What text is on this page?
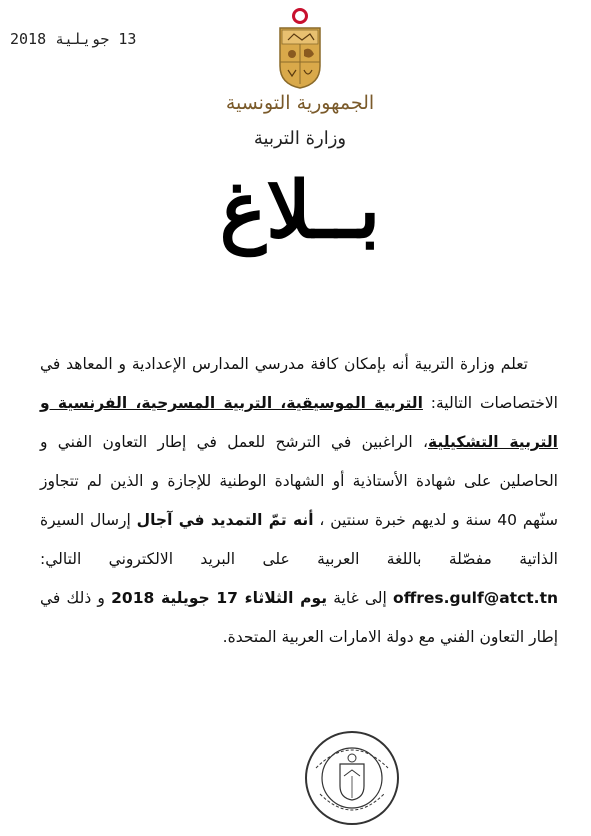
13 جويلية 2018
الجمهورية التونسية
وزارة التربية
بــلاغ

تعلم وزارة التربية أنه بإمكان كافة مدرسي المدارس الإعدادية و المعاهد في الاختصاصات التالية: التربية الموسيقية، التربية المسرحية، الفرنسية و التربية التشكيلية، الراغبين في الترشح للعمل في إطار التعاون الفني و الحاصلين على شهادة الأستاذية أو الشهادة الوطنية للإجازة و الذين لم تتجاوز سنّهم 40 سنة و لديهم خبرة سنتين ، أنه تمّ التمديد في آجال إرسال السيرة الذاتية مفصّلة باللغة العربية على البريد الالكتروني التالي: offres.gulf@atct.tn إلى غاية يوم الثلاثاء 17 جويلية 2018 و ذلك في إطار التعاون الفني مع دولة الامارات العربية المتحدة.
